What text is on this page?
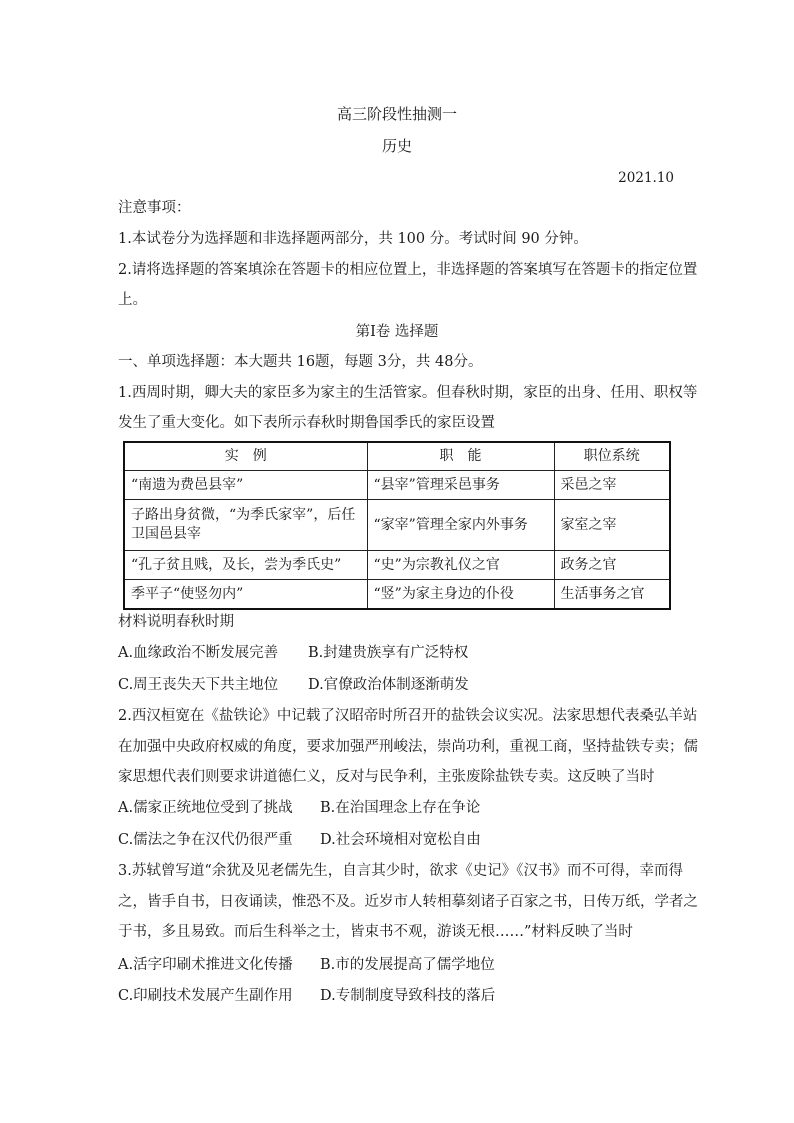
高三阶段性抽测一
历史
2021.10
注意事项：
1.本试卷分为选择题和非选择题两部分，共 100 分。考试时间 90 分钟。
2.请将选择题的答案填涂在答题卡的相应位置上，非选择题的答案填写在答题卡的指定位置
上。
第Ⅰ卷 选择题
一、单项选择题：本大题共 16题，每题 3分，共 48分。
1.西周时期，卿大夫的家臣多为家主的生活管家。但春秋时期，家臣的出身、任用、职权等
发生了重大变化。如下表所示春秋时期鲁国季氏的家臣设置
实　例	职　能	职位系统
“南遗为费邑县宰”	“县宰”管理采邑事务	采邑之宰
子路出身贫微，“为季氏家宰”，后任卫国邑县宰	“家宰”管理全家内外事务	家室之宰
“孔子贫且贱，及长，尝为季氏史”	“史”为宗教礼仪之官	政务之官
季平子“使竖勿内”	“竖”为家主身边的仆役	生活事务之官
材料说明春秋时期
A.血缘政治不断发展完善 B.封建贵族享有广泛特权
C.周王丧失天下共主地位 D.官僚政治体制逐渐萌发
2.西汉桓宽在《盐铁论》中记载了汉昭帝时所召开的盐铁会议实况。法家思想代表桑弘羊站
在加强中央政府权威的角度，要求加强严刑峻法，崇尚功利，重视工商，坚持盐铁专卖；儒
家思想代表们则要求讲道德仁义，反对与民争利，主张废除盐铁专卖。这反映了当时
A.儒家正统地位受到了挑战 B.在治国理念上存在争论
C.儒法之争在汉代仍很严重 D.社会环境相对宽松自由
3.苏轼曾写道“余犹及见老儒先生，自言其少时，欲求《史记》《汉书》而不可得，幸而得
之，皆手自书，日夜诵读，惟恐不及。近岁市人转相摹刻诸子百家之书，日传万纸，学者之
于书，多且易致。而后生科举之士，皆束书不观，游谈无根……”材料反映了当时
A.活字印刷术推进文化传播 B.市的发展提高了儒学地位
C.印刷技术发展产生副作用 D.专制制度导致科技的落后
